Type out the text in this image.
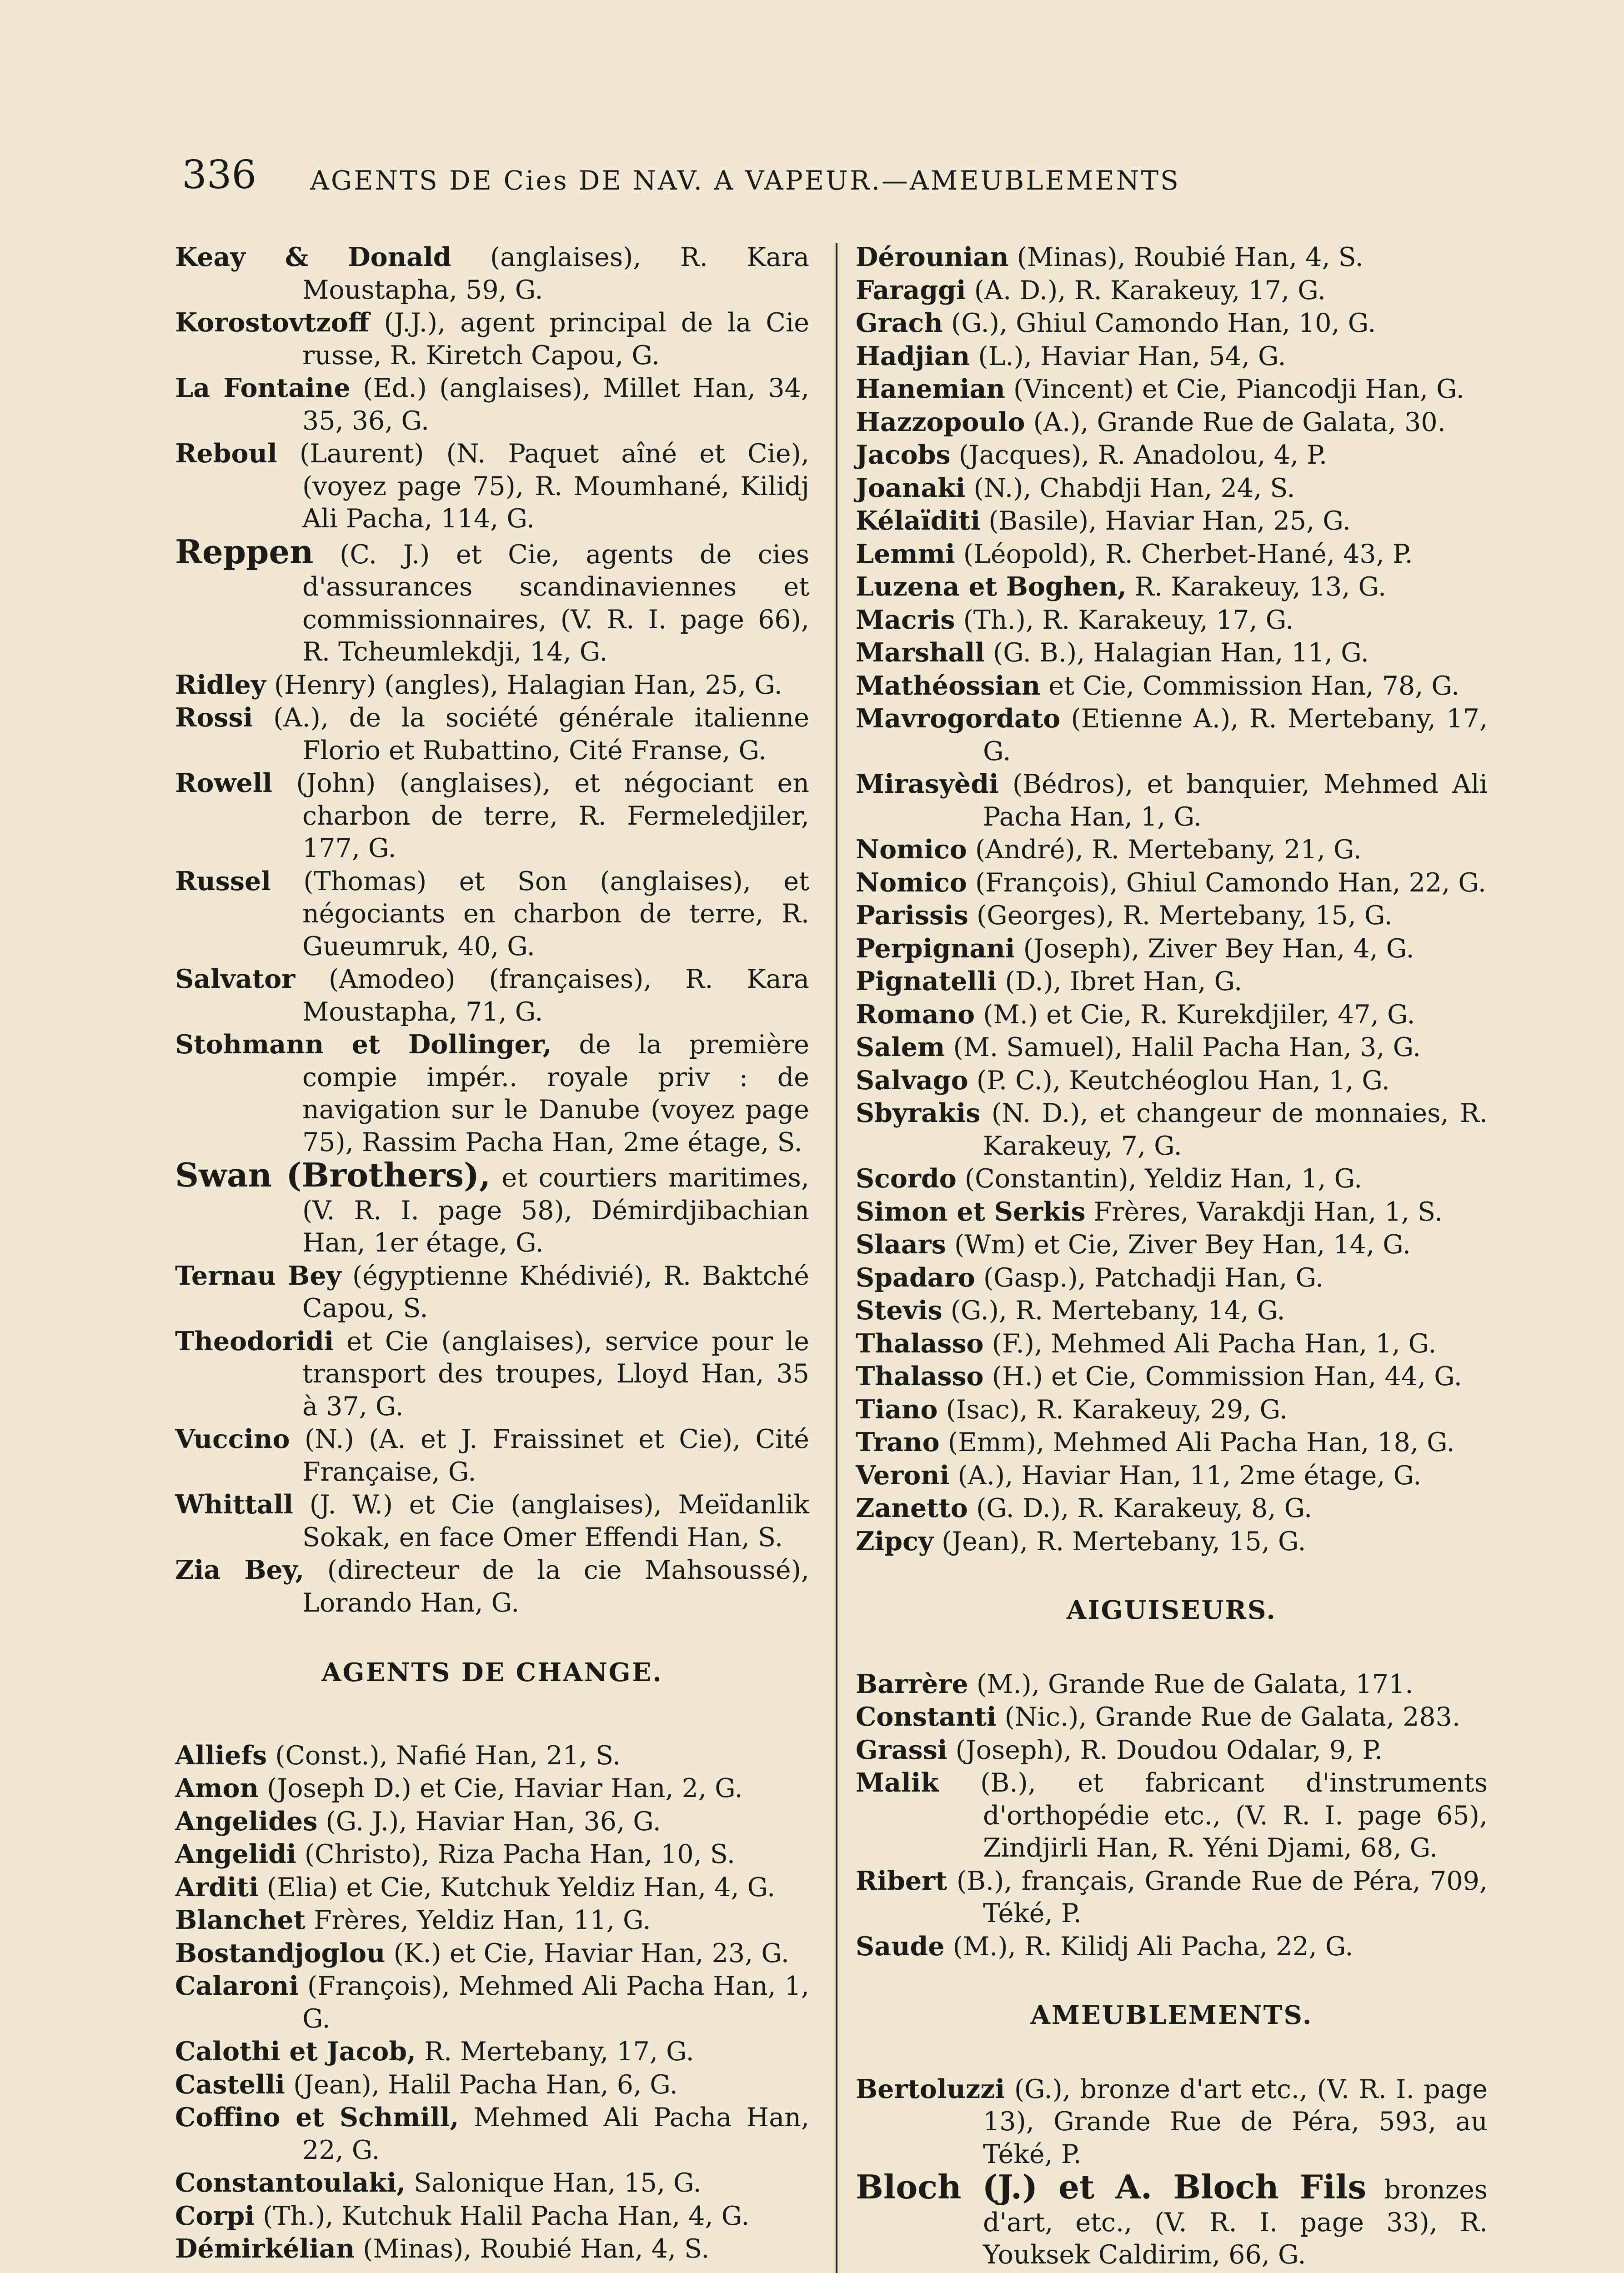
336 AGENTS DE Cies DE NAV. A VAPEUR.—AMEUBLEMENTS
Keay & Donald (anglaises), R. Kara Moustapha, 59, G.
Korostovtzoff (J.J.), agent principal de la Cie russe, R. Kiretch Capou, G.
La Fontaine (Ed.) (anglaises), Millet Han, 34, 35, 36, G.
Reboul (Laurent) (N. Paquet aîné et Cie), (voyez page 75), R. Moumhané, Kilidj Ali Pacha, 114, G.
Reppen (C. J.) et Cie, agents de cies d'assurances scandinaviennes et commissionnaires, (V. R. I. page 66), R. Tcheumlekdji, 14, G.
Ridley (Henry) (angles), Halagian Han, 25, G.
Rossi (A.), de la société générale italienne Florio et Rubattino, Cité Fransе, G.
Rowell (John) (anglaises), et négociant en charbon de terre, R. Fermeledjiler, 177, G.
Russel (Thomas) et Son (anglaises), et négociants en charbon de terre, R. Gueumruk, 40, G.
Salvator (Amodeo) (françaises), R. Kara Moustapha, 71, G.
Stohmann et Dollinger, de la première compie impér.. royale priv : de navigation sur le Danube (voyez page 75), Rassim Pacha Han, 2me étage, S.
Swan (Brothers), et courtiers maritimes, (V. R. I. page 58), Démirdjibachian Han, 1er étage, G.
Ternau Bey (égyptienne Khédivié), R. Baktché Capou, S.
Theodoridi et Cie (anglaises), service pour le transport des troupes, Lloyd Han, 35 à 37, G.
Vuccino (N.) (A. et J. Fraissinet et Cie), Cité Française, G.
Whittall (J. W.) et Cie (anglaises), Meïdanlik Sokak, en face Omer Effendi Han, S.
Zia Bey, (directeur de la cie Mahsoussé), Lorando Han, G.

AGENTS DE CHANGE.

Alliefs (Const.), Nafié Han, 21, S.
Amon (Joseph D.) et Cie, Haviar Han, 2, G.
Angelides (G. J.), Haviar Han, 36, G.
Angelidi (Christo), Riza Pacha Han, 10, S.
Arditi (Elia) et Cie, Kutchuk Yeldiz Han, 4, G.
Blanchet Frères, Yeldiz Han, 11, G.
Bostandjoglou (K.) et Cie, Haviar Han, 23, G.
Calaroni (François), Mehmed Ali Pacha Han, 1, G.
Calothi et Jacob, R. Mertebany, 17, G.
Castelli (Jean), Halil Pacha Han, 6, G.
Coffino et Schmill, Mehmed Ali Pacha Han, 22, G.
Constantoulaki, Salonique Han, 15, G.
Corpi (Th.), Kutchuk Halil Pacha Han, 4, G.
Démirkélian (Minas), Roubié Han, 4, S.
Dérounian (Minas), Roubié Han, 4, S.
Faraggi (A. D.), R. Karakeuy, 17, G.
Grach (G.), Ghiul Camondo Han, 10, G.
Hadjian (L.), Haviar Han, 54, G.
Hanemian (Vincent) et Cie, Piancodji Han, G.
Hazzopoulo (A.), Grande Rue de Galata, 30.
Jacobs (Jacques), R. Anadolou, 4, P.
Joanaki (N.), Chabdji Han, 24, S.
Kélaïditi (Basile), Haviar Han, 25, G.
Lemmi (Léopold), R. Cherbet-Hané, 43, P.
Luzena et Boghen, R. Karakeuy, 13, G.
Macris (Th.), R. Karakeuy, 17, G.
Marshall (G. B.), Halagian Han, 11, G.
Mathéossian et Cie, Commission Han, 78, G.
Mavrogordato (Etienne A.), R. Mertebany, 17, G.
Mirasyèdi (Bédros), et banquier, Mehmed Ali Pacha Han, 1, G.
Nomico (André), R. Mertebany, 21, G.
Nomico (François), Ghiul Camondo Han, 22, G.
Parissis (Georges), R. Mertebany, 15, G.
Perpignani (Joseph), Ziver Bey Han, 4, G.
Pignatelli (D.), Ibret Han, G.
Romano (M.) et Cie, R. Kurekdjiler, 47, G.
Salem (M. Samuel), Halil Pacha Han, 3, G.
Salvago (P. C.), Keutchéoglou Han, 1, G.
Sbyrakis (N. D.), et changeur de monnaies, R. Karakeuy, 7, G.
Scordo (Constantin), Yeldiz Han, 1, G.
Simon et Serkis Frères, Varakdji Han, 1, S.
Slaars (Wm) et Cie, Ziver Bey Han, 14, G.
Spadaro (Gasp.), Patchadji Han, G.
Stevis (G.), R. Mertebany, 14, G.
Thalasso (F.), Mehmed Ali Pacha Han, 1, G.
Thalasso (H.) et Cie, Commission Han, 44, G.
Tiano (Isac), R. Karakeuy, 29, G.
Trano (Emm), Mehmed Ali Pacha Han, 18, G.
Veroni (A.), Haviar Han, 11, 2me étage, G.
Zanetto (G. D.), R. Karakeuy, 8, G.
Zipcy (Jean), R. Mertebany, 15, G.

AIGUISEURS.

Barrère (M.), Grande Rue de Galata, 171.
Constanti (Nic.), Grande Rue de Galata, 283.
Grassi (Joseph), R. Doudou Odalar, 9, P.
Malik (B.), et fabricant d'instruments d'orthopédie etc., (V. R. I. page 65), Zindjirli Han, R. Yéni Djami, 68, G.
Ribert (B.), français, Grande Rue de Péra, 709, Téké, P.
Saude (M.), R. Kilidj Ali Pacha, 22, G.

AMEUBLEMENTS.

Bertoluzzi (G.), bronze d'art etc., (V. R. I. page 13), Grande Rue de Péra, 593, au Téké, P.
Bloch (J.) et A. Bloch Fils bronzes d'art, etc., (V. R. I. page 33), R. Youksek Caldirim, 66, G.
